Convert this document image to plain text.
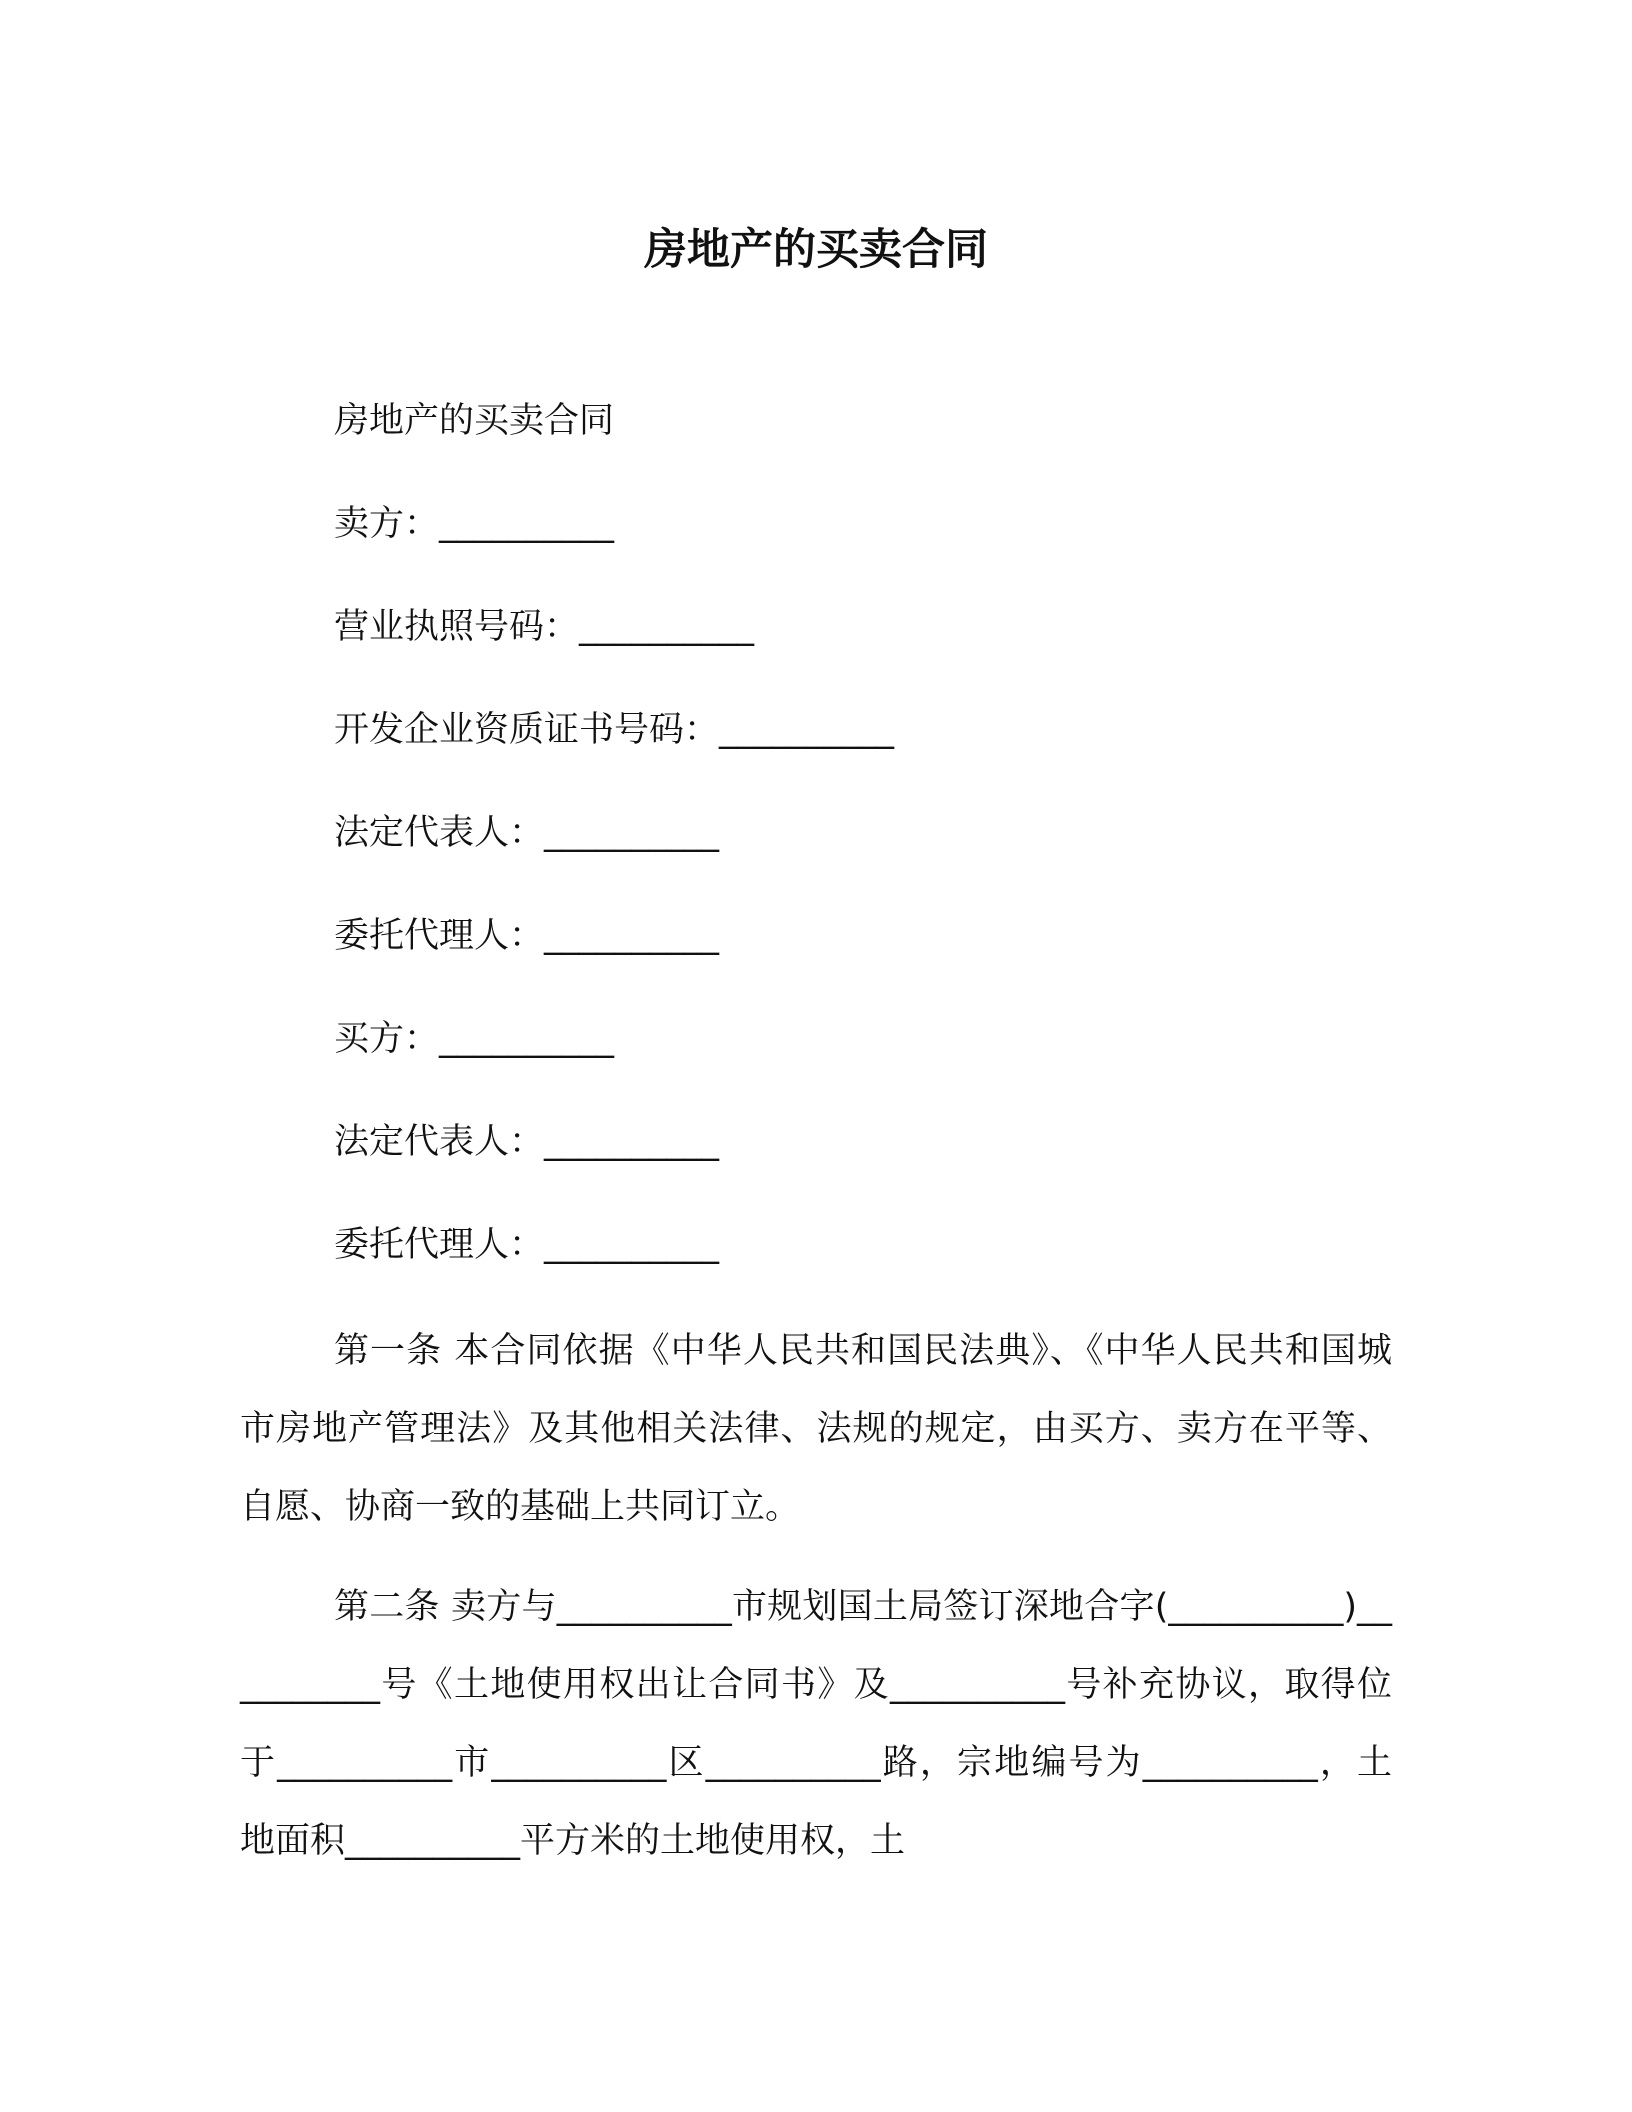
房地产的买卖合同

房地产的买卖合同

卖方：__________

营业执照号码：__________

开发企业资质证书号码：__________

法定代表人：__________

委托代理人：__________

买方：__________

法定代表人：__________

委托代理人：__________

第一条 本合同依据《中华人民共和国民法典》、《中华人民共和国城市房地产管理法》及其他相关法律、法规的规定，由买方、卖方在平等、自愿、协商一致的基础上共同订立。

第二条 卖方与__________市规划国土局签订深地合字(__________)__________号《土地使用权出让合同书》及__________号补充协议，取得位于__________市__________区__________路，宗地编号为__________，土地面积__________平方米的土地使用权，土
